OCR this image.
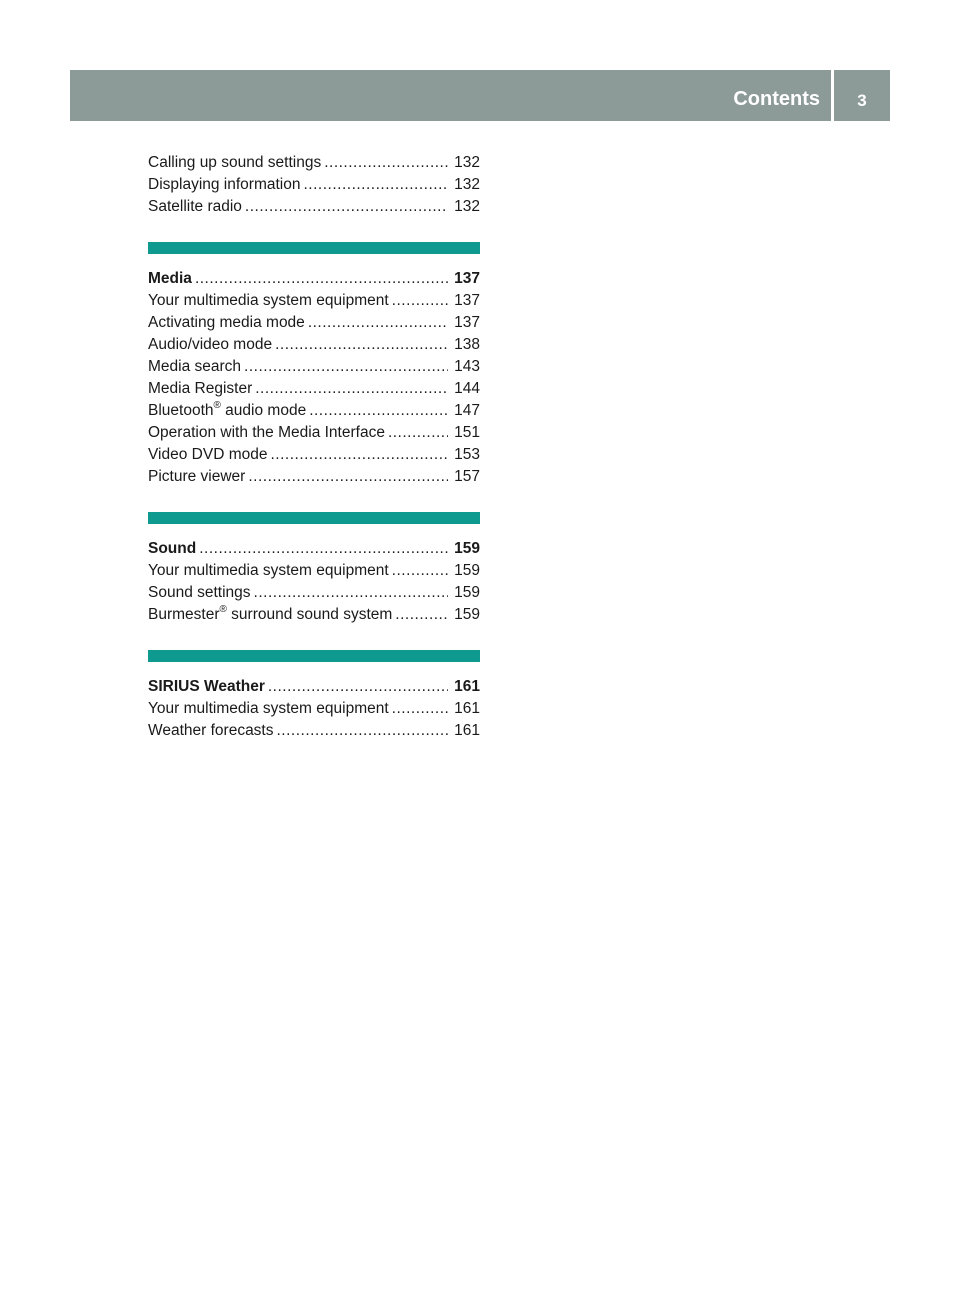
Contents	3
Calling up sound settings .....	132
Displaying information .....	132
Satellite radio .....	132
Media .....	137
Your multimedia system equipment .....	137
Activating media mode .....	137
Audio/video mode .....	138
Media search .....	143
Media Register .....	144
Bluetooth® audio mode .....	147
Operation with the Media Interface .....	151
Video DVD mode .....	153
Picture viewer .....	157
Sound .....	159
Your multimedia system equipment .....	159
Sound settings .....	159
Burmester® surround sound system .....	159
SIRIUS Weather .....	161
Your multimedia system equipment .....	161
Weather forecasts .....	161
